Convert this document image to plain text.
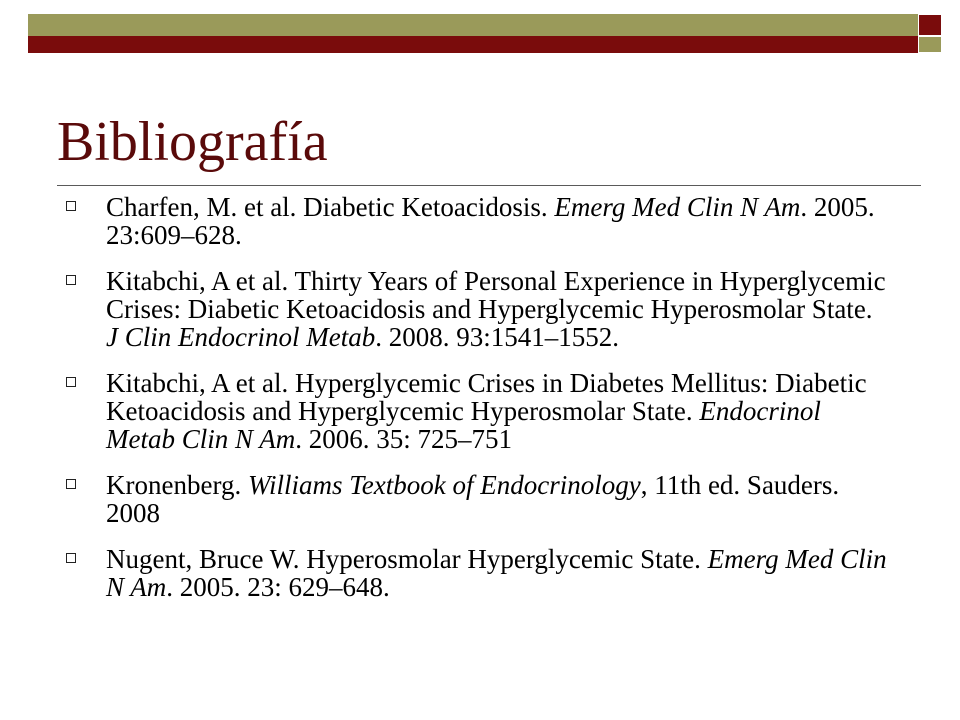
Bibliografía
Charfen, M. et al. Diabetic Ketoacidosis. Emerg Med Clin N Am. 2005. 23:609–628.
Kitabchi, A et al. Thirty Years of Personal Experience in Hyperglycemic Crises: Diabetic Ketoacidosis and Hyperglycemic Hyperosmolar State. J Clin Endocrinol Metab. 2008. 93:1541–1552.
Kitabchi, A et al. Hyperglycemic Crises in Diabetes Mellitus: Diabetic Ketoacidosis and Hyperglycemic Hyperosmolar State. Endocrinol Metab Clin N Am. 2006. 35: 725–751
Kronenberg. Williams Textbook of Endocrinology, 11th ed. Sauders. 2008
Nugent, Bruce W. Hyperosmolar Hyperglycemic State. Emerg Med Clin N Am. 2005. 23: 629–648.
